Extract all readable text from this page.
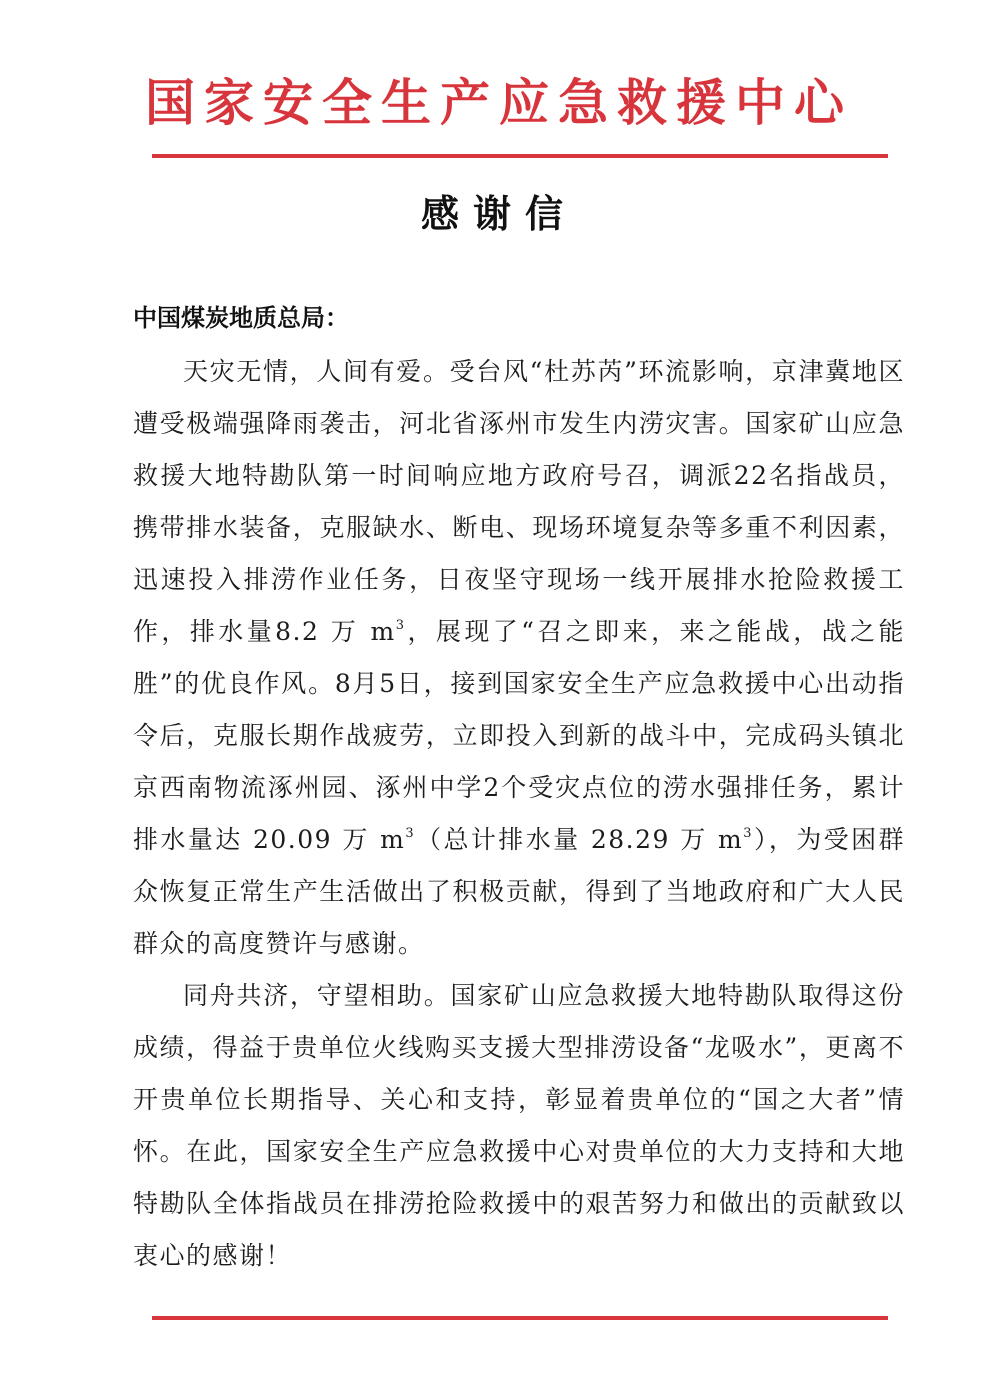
国家安全生产应急救援中心
感谢信
中国煤炭地质总局：

天灾无情，人间有爱。受台风“杜苏芮”环流影响，京津冀地区遭受极端强降雨袭击，河北省涿州市发生内涝灾害。国家矿山应急救援大地特勘队第一时间响应地方政府号召，调派22名指战员，携带排水装备，克服缺水、断电、现场环境复杂等多重不利因素，迅速投入排涝作业任务，日夜坚守现场一线开展排水抢险救援工作，排水量8.2 万 $m^3$，展现了“召之即来，来之能战，战之能胜”的优良作风。8月5日，接到国家安全生产应急救援中心出动指令后，克服长期作战疲劳，立即投入到新的战斗中，完成码头镇北京西南物流涿州园、涿州中学2个受灾点位的涝水强排任务，累计排水量达 20.09 万 $m^3$（总计排水量 28.29 万 $m^3$），为受困群众恢复正常生产生活做出了积极贡献，得到了当地政府和广大人民群众的高度赞许与感谢。

同舟共济，守望相助。国家矿山应急救援大地特勘队取得这份成绩，得益于贵单位火线购买支援大型排涝设备“龙吸水”，更离不开贵单位长期指导、关心和支持，彰显着贵单位的“国之大者”情怀。在此，国家安全生产应急救援中心对贵单位的大力支持和大地特勘队全体指战员在排涝抢险救援中的艰苦努力和做出的贡献致以衷心的感谢！
